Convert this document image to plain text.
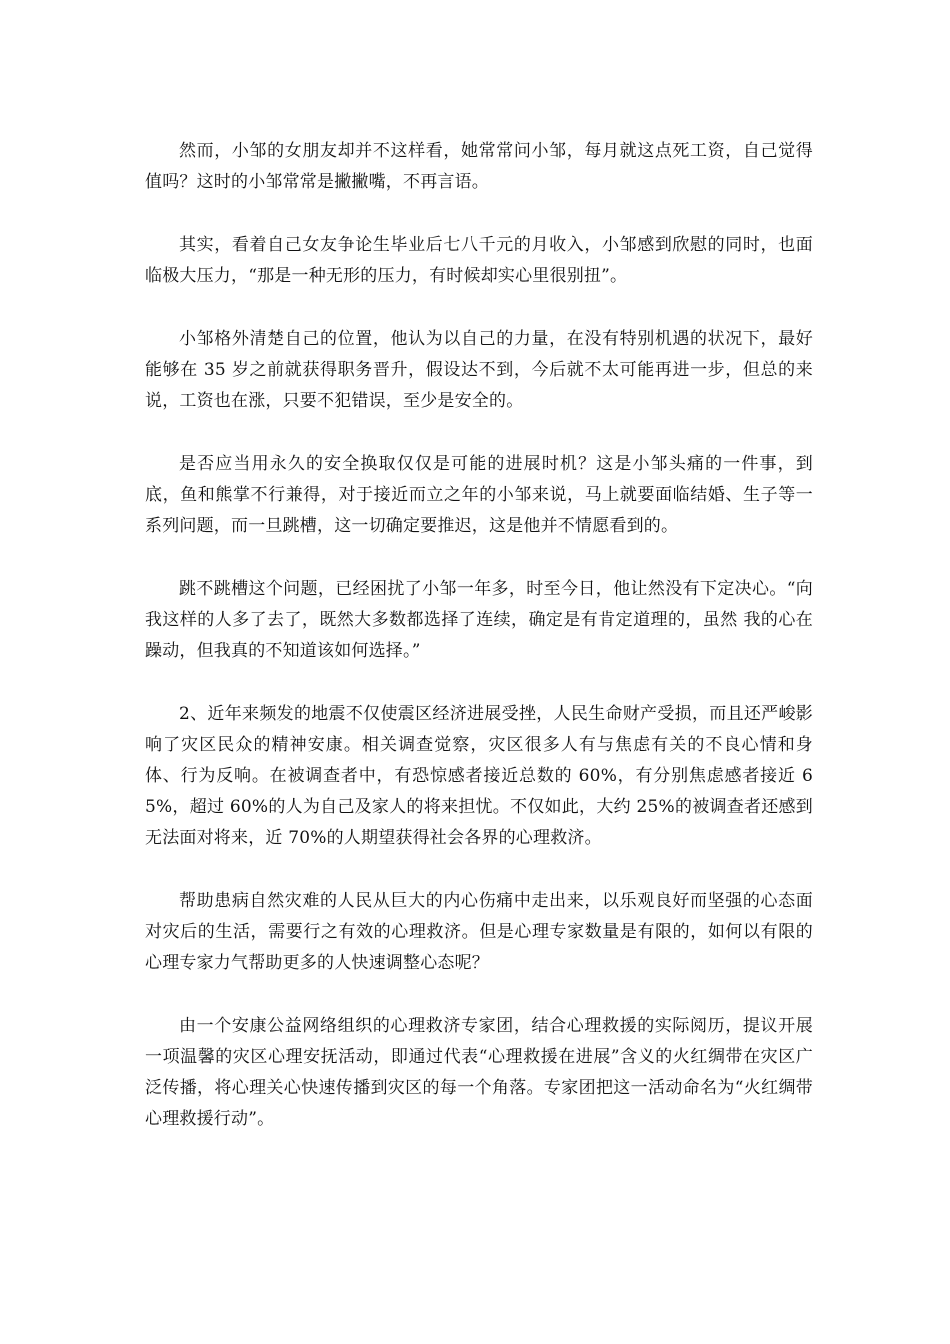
然而，小邹的女朋友却并不这样看，她常常问小邹，每月就这点死工资，自己觉得值吗？这时的小邹常常是撇撇嘴，不再言语。

其实，看着自己女友争论生毕业后七八千元的月收入，小邹感到欣慰的同时，也面临极大压力，“那是一种无形的压力，有时候却实心里很别扭”。

小邹格外清楚自己的位置，他认为以自己的力量，在没有特别机遇的状况下，最好能够在 35 岁之前就获得职务晋升，假设达不到，今后就不太可能再进一步，但总的来说，工资也在涨，只要不犯错误，至少是安全的。

是否应当用永久的安全换取仅仅是可能的进展时机？这是小邹头痛的一件事，到底，鱼和熊掌不行兼得，对于接近而立之年的小邹来说，马上就要面临结婚、生子等一系列问题，而一旦跳槽，这一切确定要推迟，这是他并不情愿看到的。

跳不跳槽这个问题，已经困扰了小邹一年多，时至今日，他让然没有下定决心。“向我这样的人多了去了，既然大多数都选择了连续，确定是有肯定道理的，虽然 我的心在躁动，但我真的不知道该如何选择。”

2、近年来频发的地震不仅使震区经济进展受挫，人民生命财产受损，而且还严峻影响了灾区民众的精神安康。相关调查觉察，灾区很多人有与焦虑有关的不良心情和身体、行为反响。在被调查者中，有恐惊感者接近总数的 60%，有分别焦虑感者接近 65%，超过 60%的人为自己及家人的将来担忧。不仅如此，大约 25%的被调查者还感到无法面对将来，近 70%的人期望获得社会各界的心理救济。

帮助患病自然灾难的人民从巨大的内心伤痛中走出来，以乐观良好而坚强的心态面对灾后的生活，需要行之有效的心理救济。但是心理专家数量是有限的，如何以有限的心理专家力气帮助更多的人快速调整心态呢？

由一个安康公益网络组织的心理救济专家团，结合心理救援的实际阅历，提议开展一项温馨的灾区心理安抚活动，即通过代表“心理救援在进展”含义的火红绸带在灾区广泛传播，将心理关心快速传播到灾区的每一个角落。专家团把这一活动命名为“火红绸带心理救援行动”。
